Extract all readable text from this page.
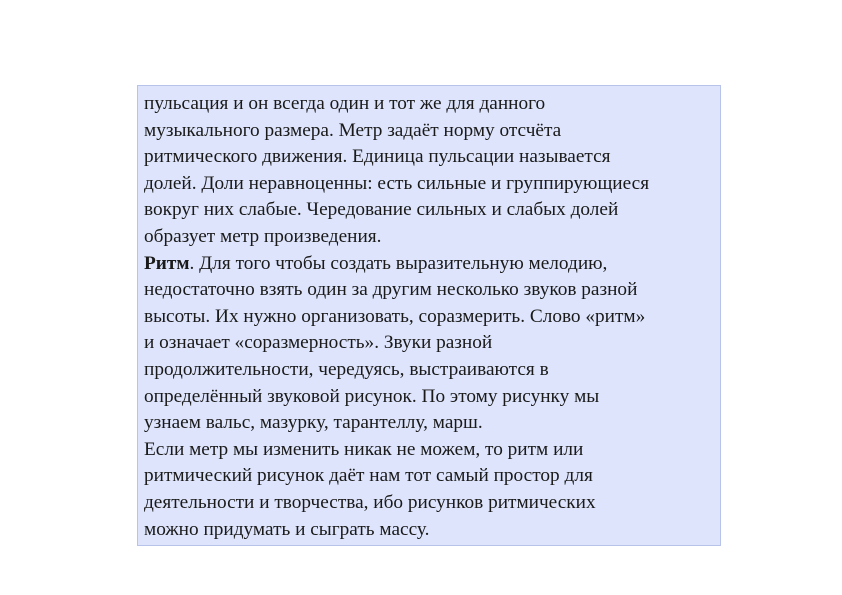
пульсация и он всегда один и тот же для данного
музыкального размера. Метр задаёт норму отсчёта
ритмического движения. Единица пульсации называется
долей. Доли неравноценны: есть сильные и группирующиеся
вокруг них слабые. Чередование сильных и слабых долей
образует метр произведения.

Ритм. Для того чтобы создать выразительную мелодию,
недостаточно взять один за другим несколько звуков разной
высоты. Их нужно организовать, соразмерить. Слово «ритм»
и означает «соразмерность». Звуки разной
продолжительности, чередуясь, выстраиваются в
определённый звуковой рисунок. По этому рисунку мы
узнаем вальс, мазурку, тарантеллу, марш.

Если метр мы изменить никак не можем, то ритм или
ритмический рисунок даёт нам тот самый простор для
деятельности и творчества, ибо рисунков ритмических
можно придумать и сыграть массу.
